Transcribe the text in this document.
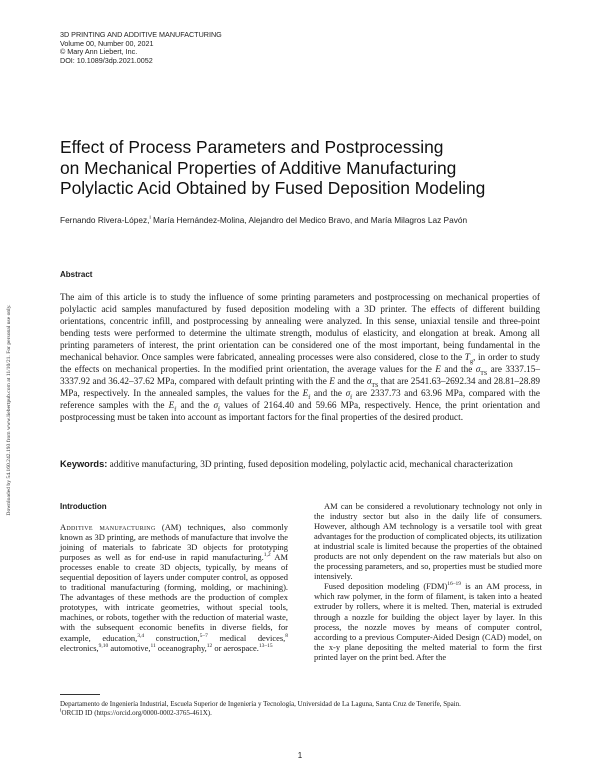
3D PRINTING AND ADDITIVE MANUFACTURING
Volume 00, Number 00, 2021
© Mary Ann Liebert, Inc.
DOI: 10.1089/3dp.2021.0052
Downloaded by 54.160.242.193 from www.liebertpub.com at 11/10/21. For personal use only.
Effect of Process Parameters and Postprocessing
on Mechanical Properties of Additive Manufacturing
Polylactic Acid Obtained by Fused Deposition Modeling
Fernando Rivera-López,$^i$ María Hernández-Molina, Alejandro del Medico Bravo, and María Milagros Laz Pavón
Abstract

The aim of this article is to study the influence of some printing parameters and postprocessing on mechanical properties of polylactic acid samples manufactured by fused deposition modeling with a 3D printer. The effects of different building orientations, concentric infill, and postprocessing by annealing were analyzed. In this sense, uniaxial tensile and three-point bending tests were performed to determine the ultimate strength, modulus of elasticity, and elongation at break. Among all printing parameters of interest, the print orientation can be considered one of the most important, being fundamental in the mechanical behavior. Once samples were fabricated, annealing processes were also considered, close to the $T_g$, in order to study the effects on mechanical properties. In the modified print orientation, the average values for the E and the $\sigma_{TS}$ are 3337.15–3337.92 and 36.42–37.62 MPa, compared with default printing with the E and the $\sigma_{TS}$ that are 2541.63–2692.34 and 28.81–28.89 MPa, respectively. In the annealed samples, the values for the $E_f$ and the $\sigma_f$ are 2337.73 and 63.96 MPa, compared with the reference samples with the $E_f$ and the $\sigma_f$ values of 2164.40 and 59.66 MPa, respectively. Hence, the print orientation and postprocessing must be taken into account as important factors for the final properties of the desired product.

Keywords: additive manufacturing, 3D printing, fused deposition modeling, polylactic acid, mechanical characterization

Introduction

Additive manufacturing (AM) techniques, also commonly known as 3D printing, are methods of manufacture that involve the joining of materials to fabricate 3D objects for prototyping purposes as well as for end-use in rapid manufacturing.$^{1,2}$ AM processes enable to create 3D objects, typically, by means of sequential deposition of layers under computer control, as opposed to traditional manufacturing (forming, molding, or machining). The advantages of these methods are the production of complex prototypes, with intricate geometries, without special tools, machines, or robots, together with the reduction of material waste, with the subsequent economic benefits in diverse fields, for example, education,$^{3,4}$ construction,$^{5-7}$ medical devices,$^8$ electronics,$^{9,10}$ automotive,$^{11}$ oceanography,$^{12}$ or aerospace.$^{13-15}$

AM can be considered a revolutionary technology not only in the industry sector but also in the daily life of consumers. However, although AM technology is a versatile tool with great advantages for the production of complicated objects, its utilization at industrial scale is limited because the properties of the obtained products are not only dependent on the raw materials but also on the processing parameters, and so, properties must be studied more intensively.

Fused deposition modeling (FDM)$^{16-19}$ is an AM process, in which raw polymer, in the form of filament, is taken into a heated extruder by rollers, where it is melted. Then, material is extruded through a nozzle for building the object layer by layer. In this process, the nozzle moves by means of computer control, according to a previous Computer-Aided Design (CAD) model, on the x-y plane depositing the melted material to form the first printed layer on the print bed. After the

Departamento de Ingeniería Industrial, Escuela Superior de Ingeniería y Tecnología, Universidad de La Laguna, Santa Cruz de Tenerife, Spain.

$^i$ORCID ID (https://orcid.org/0000-0002-3765-461X).

1
